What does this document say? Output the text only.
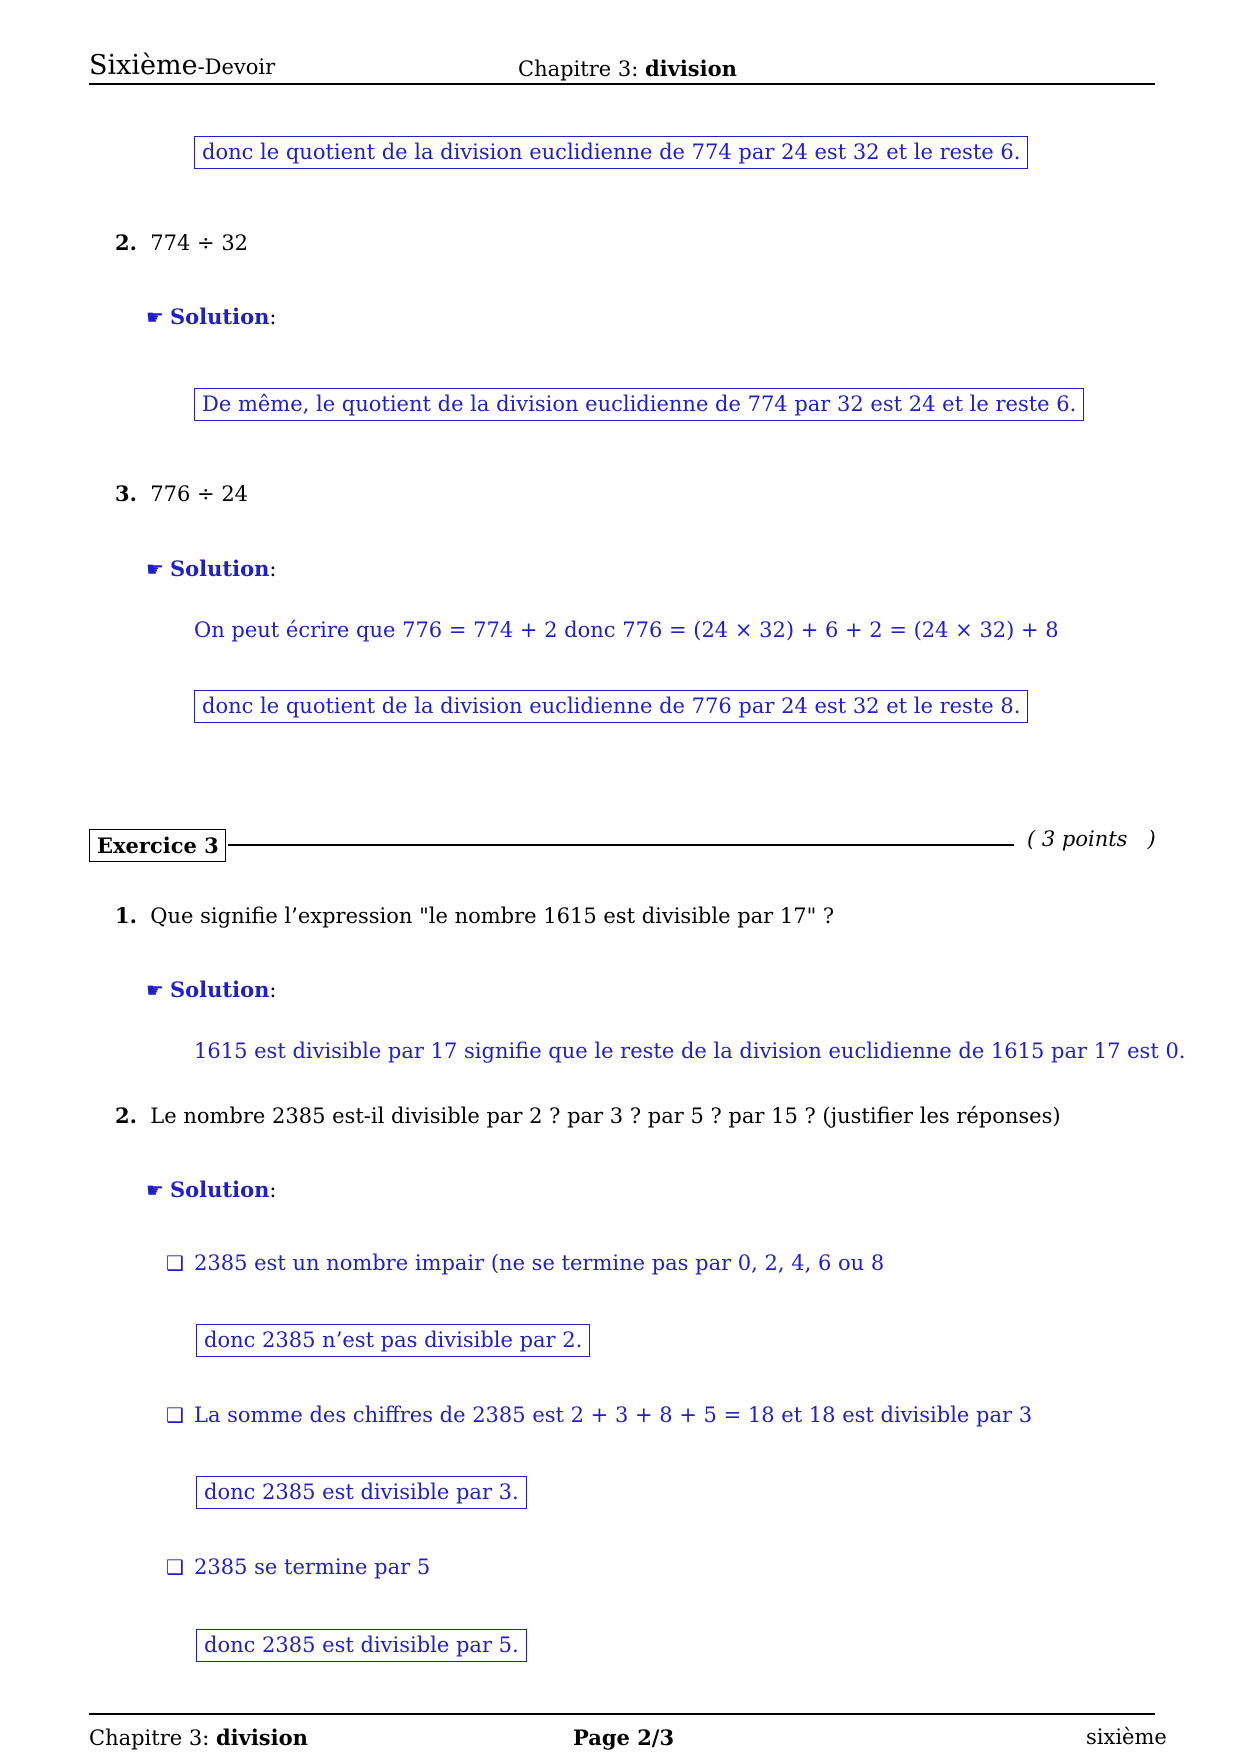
Sixième-Devoir	Chapitre 3: division
donc le quotient de la division euclidienne de 774 par 24 est 32 et le reste 6.
2. 774 ÷ 32
☛ Solution:
De même, le quotient de la division euclidienne de 774 par 32 est 24 et le reste 6.
3. 776 ÷ 24
☛ Solution:
On peut écrire que 776 = 774 + 2 donc 776 = (24 × 32) + 6 + 2 = (24 × 32) + 8
donc le quotient de la division euclidienne de 776 par 24 est 32 et le reste 8.
Exercice 3	( 3 points   )
1. Que signifie l’expression "le nombre 1615 est divisible par 17" ?
☛ Solution:
1615 est divisible par 17 signifie que le reste de la division euclidienne de 1615 par 17 est 0.
2. Le nombre 2385 est-il divisible par 2 ? par 3 ? par 5 ? par 15 ? (justifier les réponses)
☛ Solution:
❑ 2385 est un nombre impair (ne se termine pas par 0, 2, 4, 6 ou 8
donc 2385 n’est pas divisible par 2.
❑ La somme des chiffres de 2385 est 2 + 3 + 8 + 5 = 18 et 18 est divisible par 3
donc 2385 est divisible par 3.
❑ 2385 se termine par 5
donc 2385 est divisible par 5.
Chapitre 3: division	Page 2/3	sixième
